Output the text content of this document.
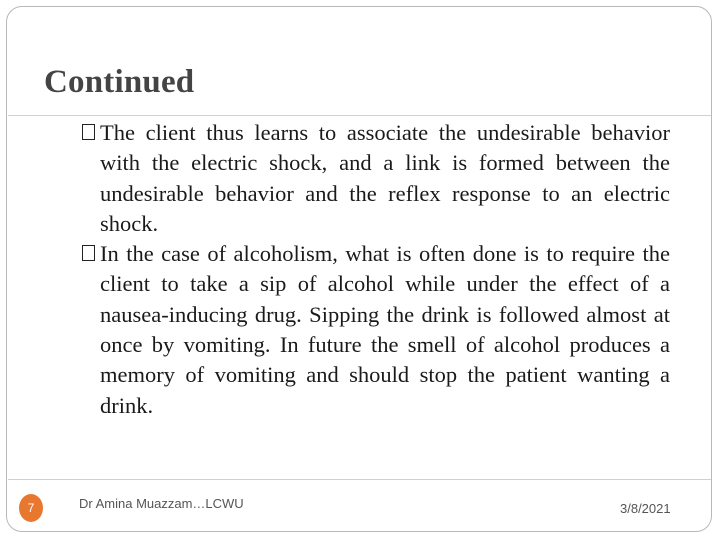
Continued
The client thus learns to associate the undesirable behavior with the electric shock, and a link is formed between the undesirable behavior and the reflex response to an electric shock.
In the case of alcoholism, what is often done is to require the client to take a sip of alcohol while under the effect of a nausea-inducing drug. Sipping the drink is followed almost at once by vomiting. In future the smell of alcohol produces a memory of vomiting and should stop the patient wanting a drink.
7	Dr Amina Muazzam…LCWU	3/8/2021
